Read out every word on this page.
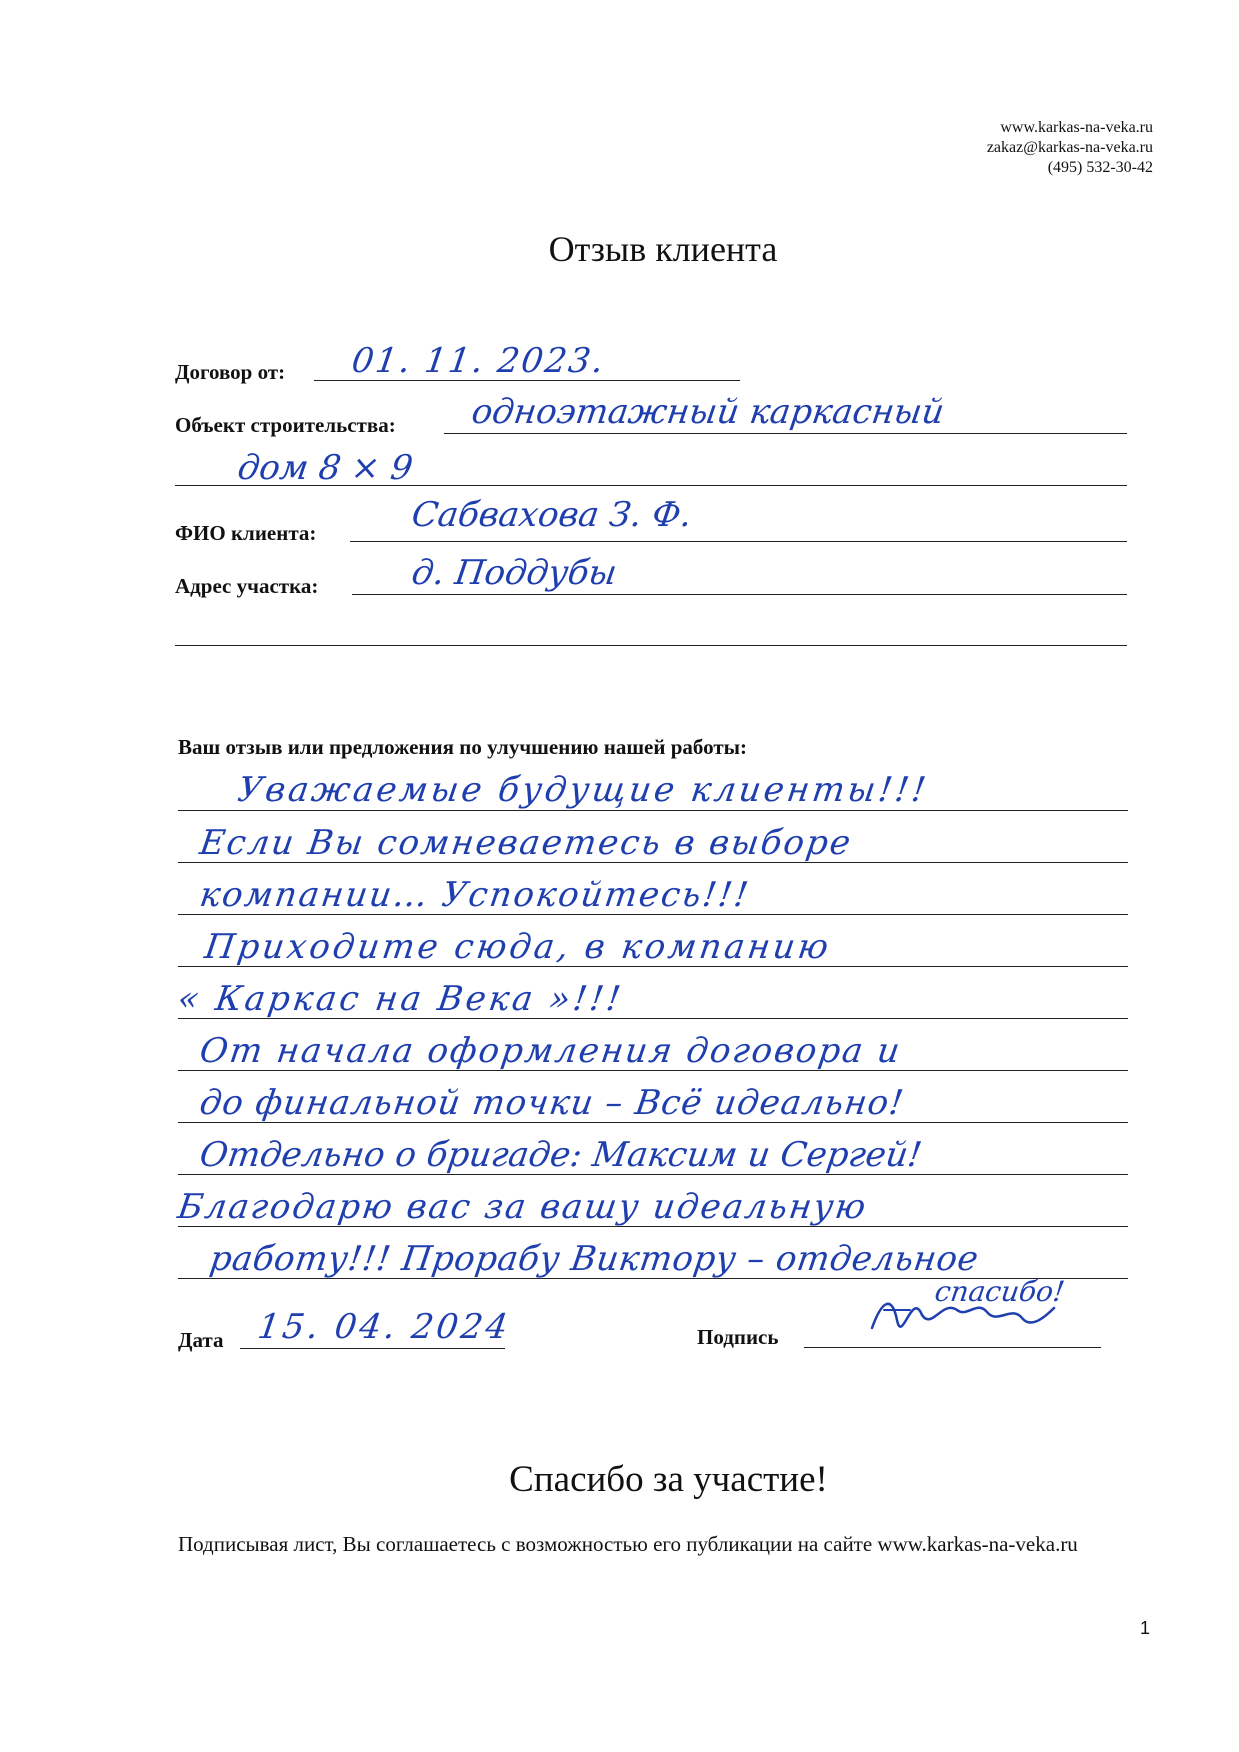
www.karkas-na-veka.ru
zakaz@karkas-na-veka.ru
(495) 532-30-42
Отзыв клиента
Договор от: 01. 11. 2023.
Объект строительства: одноэтажный каркасный
дом 8 × 9
ФИО клиента:	Сабвахова З. Ф.
Адрес участка:	д. Поддубы
Ваш отзыв или предложения по улучшению нашей работы:
Уважаемые будущие клиенты!!!
Если Вы сомневаетесь в выборе
компании… Успокойтесь!!!
Приходите сюда, в компанию
« Каркас на Века »!!!
От начала оформления договора и
до финальной точки – Всё идеально!
Отдельно о бригаде: Максим и Сергей!
Благодарю вас за вашу идеальную
работу!!! Прорабу Виктору – отдельное
спасибо!
Дата 15. 04. 2024	Подпись
Спасибо за участие!
Подписывая лист, Вы соглашаетесь с возможностью его публикации на сайте www.karkas-na-veka.ru
1
